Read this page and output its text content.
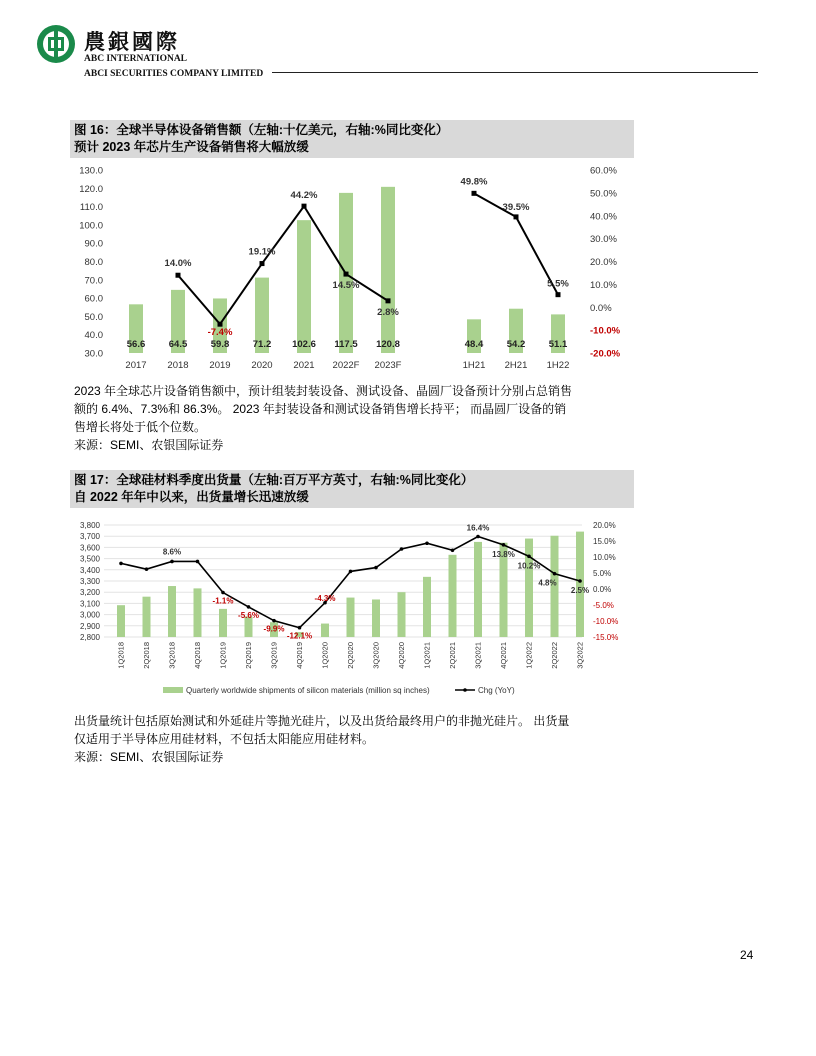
農銀國際
ABC INTERNATIONAL
ABCI SECURITIES COMPANY LIMITED
图 16：全球半导体设备销售额（左轴:十亿美元，右轴:%同比变化）
预计 2023 年芯片生产设备销售将大幅放缓
130.0
120.0
110.0
100.0
90.0
80.0
70.0
60.0
50.0
40.0
30.0
60.0%
50.0%
40.0%
30.0%
20.0%
10.0%
0.0%
-10.0%
-20.0%
56.6 64.5 59.8 71.2 102.6 117.5 120.8	48.4 54.2 51.1
2017 2018 2019 2020 2021 2022F 2023F	1H21 2H21 1H22
14.0%
-7.4%
19.1%
44.2%
14.5%
2.8%
49.8%
39.5%
5.5%
2023 年全球芯片设备销售额中，预计组装封装设备、测试设备、晶圆厂设备预计分别占总销售
额的 6.4%、7.3%和 86.3%。 2023 年封装设备和测试设备销售增长持平； 而晶圆厂设备的销
售增长将处于低个位数。
来源：SEMI、农银国际证券
图 17：全球硅材料季度出货量（左轴:百万平方英寸，右轴:%同比变化）
自 2022 年年中以来，出货量增长迅速放缓
3,800
3,700
3,600
3,500
3,400
3,300
3,200
3,100
3,000
2,900
2,800
20.0%
15.0%
10.0%
5.0%
0.0%
-5.0%
-10.0%
-15.0%
1Q2018 2Q2018 3Q2018 4Q2018 1Q2019 2Q2019 3Q2019 4Q2019 1Q2020 2Q2020 3Q2020 4Q2020 1Q2021 2Q2021 3Q2021 4Q2021 1Q2022 2Q2022 3Q2022
8.6%
-1.1%
-5.6%
-9.9%
-12.1%
-4.3%
16.4%
13.8%
10.2%
4.8%
2.5%
Quarterly worldwide shipments of silicon materials (million sq inches)	Chg (YoY)
出货量统计包括原始测试和外延硅片等抛光硅片，以及出货给最终用户的非抛光硅片。 出货量
仅适用于半导体应用硅材料，不包括太阳能应用硅材料。
来源：SEMI、农银国际证券
24
